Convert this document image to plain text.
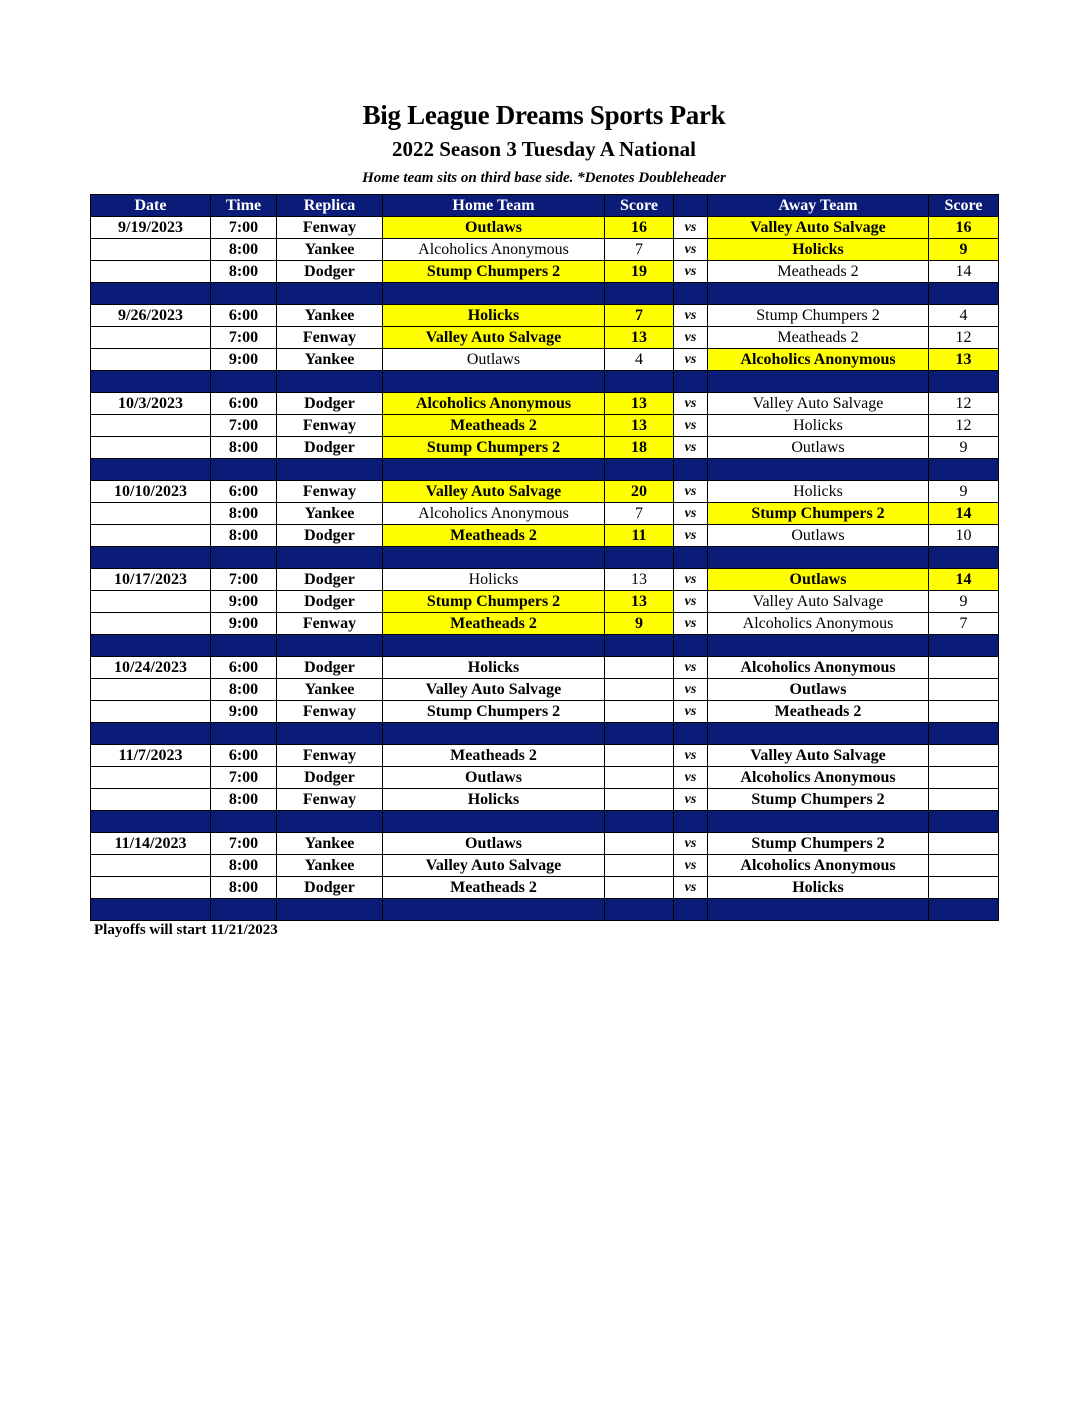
Big League Dreams Sports Park
2022 Season 3 Tuesday A National
Home team sits on third base side. *Denotes Doubleheader
Date	Time	Replica	Home Team	Score		Away Team	Score
9/19/2023	7:00	Fenway	Outlaws	16	vs	Valley Auto Salvage	16
	8:00	Yankee	Alcoholics Anonymous	7	vs	Holicks	9
	8:00	Dodger	Stump Chumpers 2	19	vs	Meatheads 2	14

9/26/2023	6:00	Yankee	Holicks	7	vs	Stump Chumpers 2	4
	7:00	Fenway	Valley Auto Salvage	13	vs	Meatheads 2	12
	9:00	Yankee	Outlaws	4	vs	Alcoholics Anonymous	13

10/3/2023	6:00	Dodger	Alcoholics Anonymous	13	vs	Valley Auto Salvage	12
	7:00	Fenway	Meatheads 2	13	vs	Holicks	12
	8:00	Dodger	Stump Chumpers 2	18	vs	Outlaws	9

10/10/2023	6:00	Fenway	Valley Auto Salvage	20	vs	Holicks	9
	8:00	Yankee	Alcoholics Anonymous	7	vs	Stump Chumpers 2	14
	8:00	Dodger	Meatheads 2	11	vs	Outlaws	10

10/17/2023	7:00	Dodger	Holicks	13	vs	Outlaws	14
	9:00	Dodger	Stump Chumpers 2	13	vs	Valley Auto Salvage	9
	9:00	Fenway	Meatheads 2	9	vs	Alcoholics Anonymous	7

10/24/2023	6:00	Dodger	Holicks		vs	Alcoholics Anonymous	
	8:00	Yankee	Valley Auto Salvage		vs	Outlaws	
	9:00	Fenway	Stump Chumpers 2		vs	Meatheads 2	

11/7/2023	6:00	Fenway	Meatheads 2		vs	Valley Auto Salvage	
	7:00	Dodger	Outlaws		vs	Alcoholics Anonymous	
	8:00	Fenway	Holicks		vs	Stump Chumpers 2	

11/14/2023	7:00	Yankee	Outlaws		vs	Stump Chumpers 2	
	8:00	Yankee	Valley Auto Salvage		vs	Alcoholics Anonymous	
	8:00	Dodger	Meatheads 2		vs	Holicks	

Playoffs will start 11/21/2023
